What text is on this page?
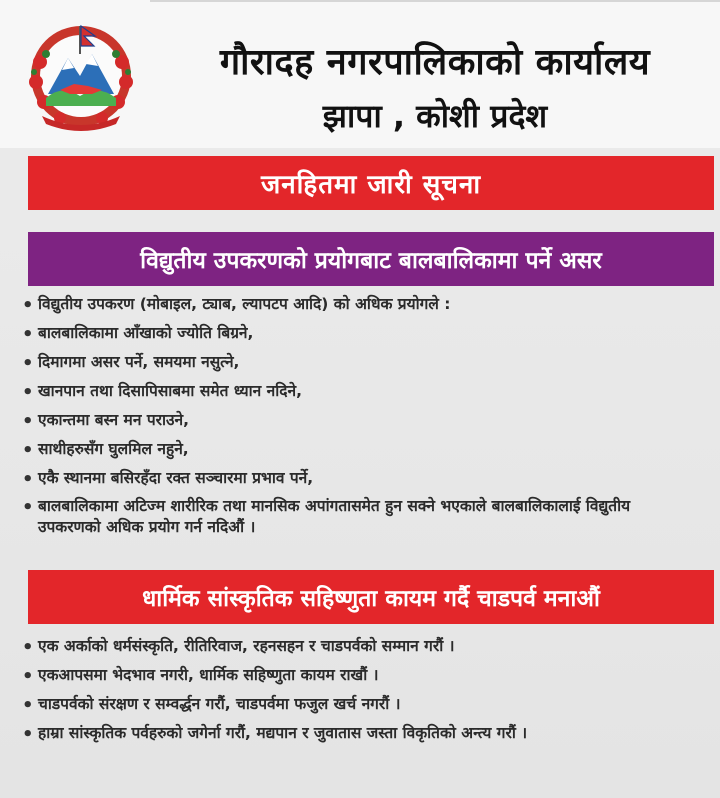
गौरादह नगरपालिकाको कार्यालय
झापा , कोशी प्रदेश
जनहितमा जारी सूचना
विद्युतीय उपकरणको प्रयोगबाट बालबालिकामा पर्ने असर
• विद्युतीय उपकरण (मोबाइल, ट्याब, ल्यापटप आदि) को अधिक प्रयोगले :
• बालबालिकामा आँखाको ज्योति बिग्रने,
• दिमागमा असर पर्ने, समयमा नसुत्ने,
• खानपान तथा दिसापिसाबमा समेत ध्यान नदिने,
• एकान्तमा बस्न मन पराउने,
• साथीहरुसँग घुलमिल नहुने,
• एकै स्थानमा बसिरहँदा रक्त सञ्चारमा प्रभाव पर्ने,
• बालबालिकामा अटिज्म शारीरिक तथा मानसिक अपांगतासमेत हुन सक्ने भएकाले बालबालिकालाई विद्युतीय उपकरणको अधिक प्रयोग गर्न नदिऔं ।
धार्मिक सांस्कृतिक सहिष्णुता कायम गर्दै चाडपर्व मनाऔं
• एक अर्काको धर्मसंस्कृति, रीतिरिवाज, रहनसहन र चाडपर्वको सम्मान गरौं ।
• एकआपसमा भेदभाव नगरी, धार्मिक सहिष्णुता कायम राखौं ।
• चाडपर्वको संरक्षण र सम्वर्द्धन गरौं, चाडपर्वमा फजुल खर्च नगरौं ।
• हाम्रा सांस्कृतिक पर्वहरुको जगेर्ना गरौं, मद्यपान र जुवातास जस्ता विकृतिको अन्त्य गरौं ।
